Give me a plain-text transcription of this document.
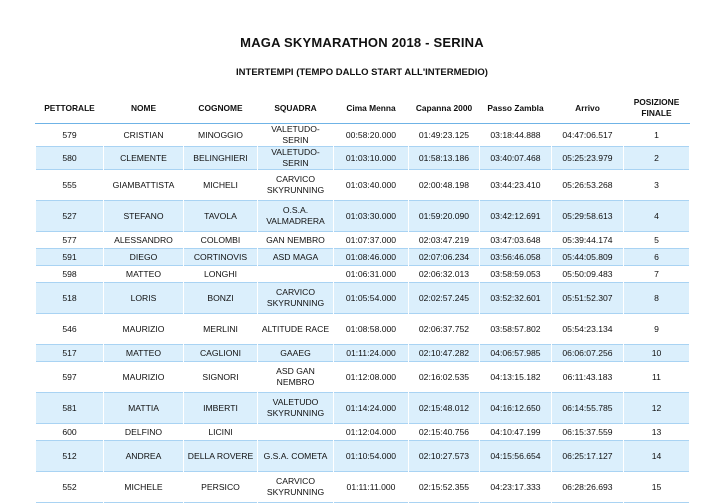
MAGA SKYMARATHON 2018 - SERINA
INTERTEMPI (TEMPO DALLO START ALL'INTERMEDIO)
PETTORALE	NOME	COGNOME	SQUADRA	Cima Menna	Capanna 2000	Passo Zambla	Arrivo	POSIZIONE FINALE
579	CRISTIAN	MINOGGIO	VALETUDO-SERIN	00:58:20.000	01:49:23.125	03:18:44.888	04:47:06.517	1
580	CLEMENTE	BELINGHIERI	VALETUDO-SERIN	01:03:10.000	01:58:13.186	03:40:07.468	05:25:23.979	2
555	GIAMBATTISTA	MICHELI	CARVICO SKYRUNNING	01:03:40.000	02:00:48.198	03:44:23.410	05:26:53.268	3
527	STEFANO	TAVOLA	O.S.A. VALMADRERA	01:03:30.000	01:59:20.090	03:42:12.691	05:29:58.613	4
577	ALESSANDRO	COLOMBI	GAN NEMBRO	01:07:37.000	02:03:47.219	03:47:03.648	05:39:44.174	5
591	DIEGO	CORTINOVIS	ASD MAGA	01:08:46.000	02:07:06.234	03:56:46.058	05:44:05.809	6
598	MATTEO	LONGHI		01:06:31.000	02:06:32.013	03:58:59.053	05:50:09.483	7
518	LORIS	BONZI	CARVICO SKYRUNNING	01:05:54.000	02:02:57.245	03:52:32.601	05:51:52.307	8
546	MAURIZIO	MERLINI	ALTITUDE RACE	01:08:58.000	02:06:37.752	03:58:57.802	05:54:23.134	9
517	MATTEO	CAGLIONI	GAAEG	01:11:24.000	02:10:47.282	04:06:57.985	06:06:07.256	10
597	MAURIZIO	SIGNORI	ASD GAN NEMBRO	01:12:08.000	02:16:02.535	04:13:15.182	06:11:43.183	11
581	MATTIA	IMBERTI	VALETUDO SKYRUNNING	01:14:24.000	02:15:48.012	04:16:12.650	06:14:55.785	12
600	DELFINO	LICINI		01:12:04.000	02:15:40.756	04:10:47.199	06:15:37.559	13
512	ANDREA	DELLA ROVERE	G.S.A. COMETA	01:10:54.000	02:10:27.573	04:15:56.654	06:25:17.127	14
552	MICHELE	PERSICO	CARVICO SKYRUNNING	01:11:11.000	02:15:52.355	04:23:17.333	06:28:26.693	15
